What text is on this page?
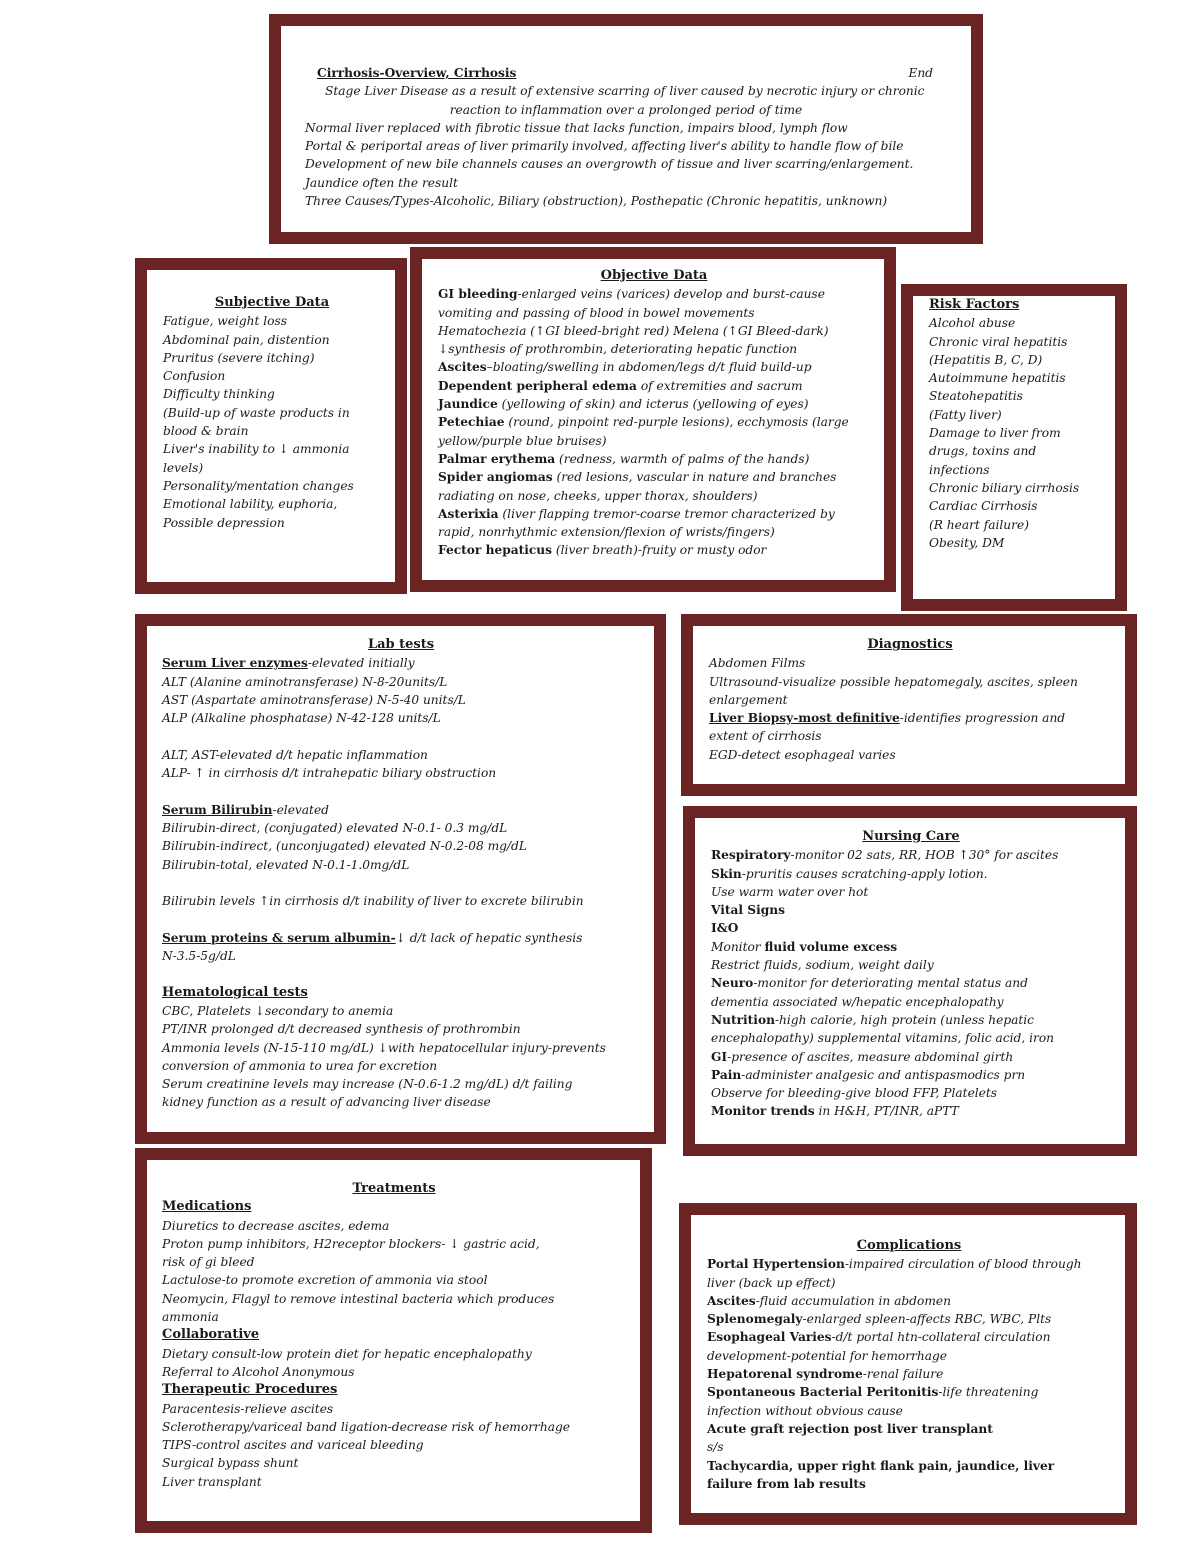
Cirrhosis-Overview, Cirrhosis	End
Stage Liver Disease as a result of extensive scarring of liver caused by necrotic injury or chronic
reaction to inflammation over a prolonged period of time
Normal liver replaced with fibrotic tissue that lacks function, impairs blood, lymph flow
Portal & periportal areas of liver primarily involved, affecting liver's ability to handle flow of bile
Development of new bile channels causes an overgrowth of tissue and liver scarring/enlargement.
Jaundice often the result
Three Causes/Types-Alcoholic, Biliary (obstruction), Posthepatic (Chronic hepatitis, unknown)
Subjective Data
Fatigue, weight loss
Abdominal pain, distention
Pruritus (severe itching)
Confusion
Difficulty thinking
(Build-up of waste products in
blood & brain
Liver's inability to ↓ ammonia
levels)
Personality/mentation changes
Emotional lability, euphoria,
Possible depression
Objective Data
GI bleeding-enlarged veins (varices) develop and burst-cause
vomiting and passing of blood in bowel movements
Hematochezia (↑GI bleed-bright red) Melena (↑GI Bleed-dark)
↓synthesis of prothrombin, deteriorating hepatic function
Ascites–bloating/swelling in abdomen/legs d/t fluid build-up
Dependent peripheral edema of extremities and sacrum
Jaundice (yellowing of skin) and icterus (yellowing of eyes)
Petechiae (round, pinpoint red-purple lesions), ecchymosis (large
yellow/purple blue bruises)
Palmar erythema (redness, warmth of palms of the hands)
Spider angiomas (red lesions, vascular in nature and branches
radiating on nose, cheeks, upper thorax, shoulders)
Asterixia (liver flapping tremor-coarse tremor characterized by
rapid, nonrhythmic extension/flexion of wrists/fingers)
Fector hepaticus (liver breath)-fruity or musty odor
Risk Factors
Alcohol abuse
Chronic viral hepatitis
(Hepatitis B, C, D)
Autoimmune hepatitis
Steatohepatitis
(Fatty liver)
Damage to liver from
drugs, toxins and
infections
Chronic biliary cirrhosis
Cardiac Cirrhosis
(R heart failure)
Obesity, DM
Lab tests
Serum Liver enzymes-elevated initially
ALT (Alanine aminotransferase) N-8-20units/L
AST (Aspartate aminotransferase) N-5-40 units/L
ALP (Alkaline phosphatase) N-42-128 units/L
ALT, AST-elevated d/t hepatic inflammation
ALP- ↑ in cirrhosis d/t intrahepatic biliary obstruction
Serum Bilirubin-elevated
Bilirubin-direct, (conjugated) elevated N-0.1- 0.3 mg/dL
Bilirubin-indirect, (unconjugated) elevated N-0.2-08 mg/dL
Bilirubin-total, elevated N-0.1-1.0mg/dL
Bilirubin levels ↑in cirrhosis d/t inability of liver to excrete bilirubin
Serum proteins & serum albumin-↓ d/t lack of hepatic synthesis
N-3.5-5g/dL
Hematological tests
CBC, Platelets ↓secondary to anemia
PT/INR prolonged d/t decreased synthesis of prothrombin
Ammonia levels (N-15-110 mg/dL) ↓with hepatocellular injury-prevents
conversion of ammonia to urea for excretion
Serum creatinine levels may increase (N-0.6-1.2 mg/dL) d/t failing
kidney function as a result of advancing liver disease
Diagnostics
Abdomen Films
Ultrasound-visualize possible hepatomegaly, ascites, spleen
enlargement
Liver Biopsy-most definitive-identifies progression and
extent of cirrhosis
EGD-detect esophageal varies
Nursing Care
Respiratory-monitor 02 sats, RR, HOB ↑30° for ascites
Skin-pruritis causes scratching-apply lotion.
Use warm water over hot
Vital Signs
I&O
Monitor fluid volume excess
Restrict fluids, sodium, weight daily
Neuro-monitor for deteriorating mental status and
dementia associated w/hepatic encephalopathy
Nutrition-high calorie, high protein (unless hepatic
encephalopathy) supplemental vitamins, folic acid, iron
GI-presence of ascites, measure abdominal girth
Pain-administer analgesic and antispasmodics prn
Observe for bleeding-give blood FFP, Platelets
Monitor trends in H&H, PT/INR, aPTT
Treatments
Medications
Diuretics to decrease ascites, edema
Proton pump inhibitors, H2receptor blockers- ↓ gastric acid,
risk of gi bleed
Lactulose-to promote excretion of ammonia via stool
Neomycin, Flagyl to remove intestinal bacteria which produces
ammonia
Collaborative
Dietary consult-low protein diet for hepatic encephalopathy
Referral to Alcohol Anonymous
Therapeutic Procedures
Paracentesis-relieve ascites
Sclerotherapy/variceal band ligation-decrease risk of hemorrhage
TIPS-control ascites and variceal bleeding
Surgical bypass shunt
Liver transplant
Complications
Portal Hypertension-impaired circulation of blood through
liver (back up effect)
Ascites-fluid accumulation in abdomen
Splenomegaly-enlarged spleen-affects RBC, WBC, Plts
Esophageal Varies-d/t portal htn-collateral circulation
development-potential for hemorrhage
Hepatorenal syndrome-renal failure
Spontaneous Bacterial Peritonitis-life threatening
infection without obvious cause
Acute graft rejection post liver transplant
s/s
Tachycardia, upper right flank pain, jaundice, liver
failure from lab results
